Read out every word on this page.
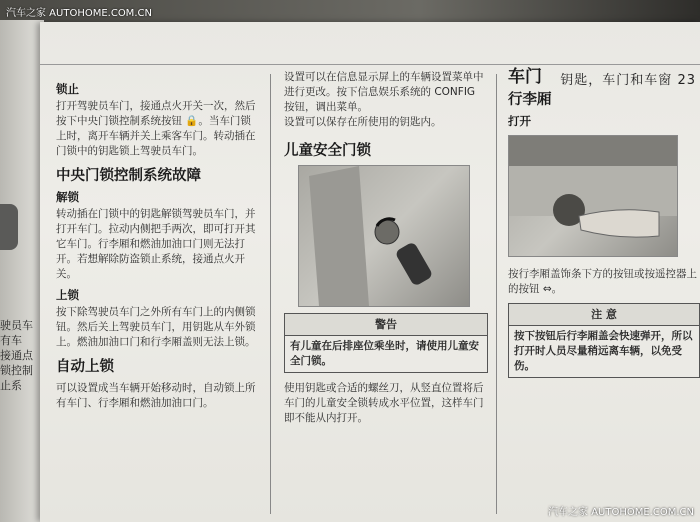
驶员车
有车
接通点
锁控制
止系
钥匙，车门和车窗 23
锁止

打开驾驶员车门，接通点火开关一次，然后按下中央门锁控制系统按钮 🔒。当车门锁上时，离开车辆并关上乘客车门。转动插在门锁中的钥匙锁上驾驶员车门。

中央门锁控制系统故障
解锁

转动插在门锁中的钥匙解锁驾驶员车门，并打开车门。拉动内侧把手两次，即可打开其它车门。行李厢和燃油加油口门则无法打开。若想解除防盗锁止系统，接通点火开关。

上锁

按下除驾驶员车门之外所有车门上的内侧锁钮。然后关上驾驶员车门，用钥匙从车外锁上。燃油加油口门和行李厢盖则无法上锁。

自动上锁

可以设置成当车辆开始移动时，自动锁上所有车门、行李厢和燃油加油口门。

设置可以在信息显示屏上的车辆设置菜单中进行更改。按下信息娱乐系统的 CONFIG 按钮，调出菜单。

设置可以保存在所使用的钥匙内。

儿童安全门锁
警告
有儿童在后排座位乘坐时，请使用儿童安全门锁。

使用钥匙或合适的螺丝刀，从竖直位置将后车门的儿童安全锁转成水平位置，这样车门即不能从内打开。

车门
行李厢
打开

按行李厢盖饰条下方的按钮或按遥控器上的按钮 ⇔。

注 意
按下按钮后行李厢盖会快速弹开，所以打开时人员尽量稍远离车辆，以免受伤。
汽车之家 AUTOHOME.COM.CN
汽车之家 AUTOHOME.COM.CN
